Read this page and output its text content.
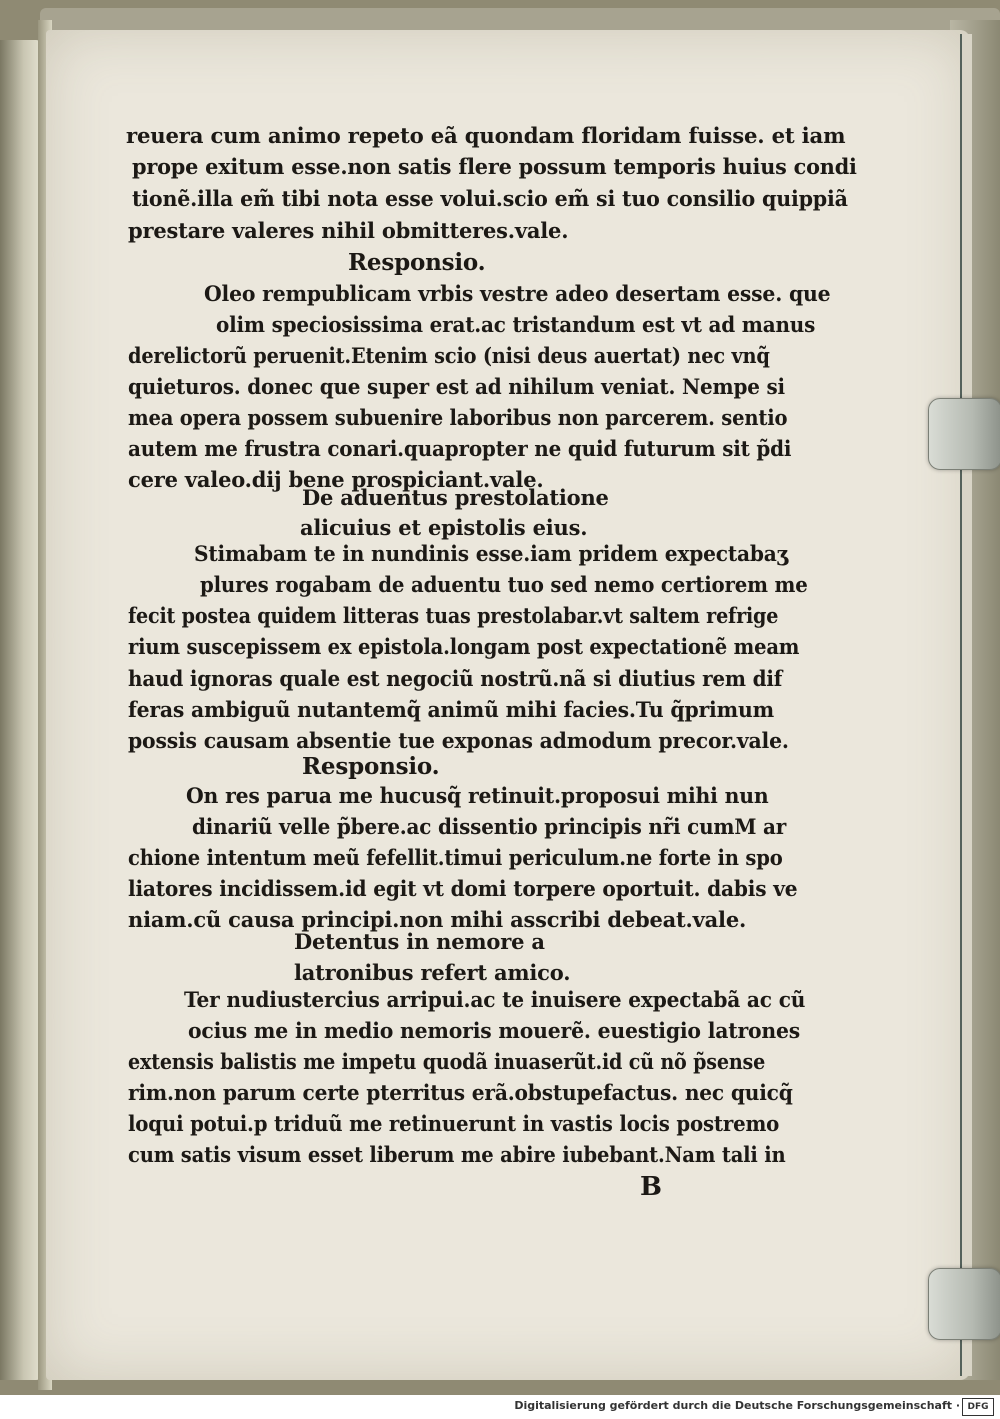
reuera cum animo repeto eã quondam floridam fuisse. et iam
prope exitum esse.non satis flere possum temporis huius condi
tionẽ.illa em̃ tibi nota esse volui.scio em̃ si tuo consilio quippiã
prestare valeres nihil obmitteres.vale.
Responsio.
Oleo rempublicam vrbis vestre adeo desertam esse. que
olim speciosissima erat.ac tristandum est vt ad manus
derelictorũ peruenit.Etenim scio (nisi deus auertat) nec vnq̃
quieturos. donec que super est ad nihilum veniat. Nempe si
mea opera possem subuenire laboribus non parcerem. sentio
autem me frustra conari.quapropter ne quid futurum sit p̃di
cere valeo.dij bene prospiciant.vale.
De aduentus prestolatione
alicuius et epistolis eius.
Stimabam te in nundinis esse.iam pridem expectabaʒ
plures rogabam de aduentu tuo sed nemo certiorem me
fecit postea quidem litteras tuas prestolabar.vt saltem refrige
rium suscepissem ex epistola.longam post expectationẽ meam
haud ignoras quale est negociũ nostrũ.nã si diutius rem dif
feras ambiguũ nutantemq̃ animũ mihi facies.Tu q̃primum
possis causam absentie tue exponas admodum precor.vale.
Responsio.
On res parua me hucusq̃ retinuit.proposui mihi nun
dinariũ velle p̃bere.ac dissentio principis nr̃i cumM ar
chione intentum meũ fefellit.timui periculum.ne forte in spo
liatores incidissem.id egit vt domi torpere oportuit. dabis ve
niam.cũ causa principi.non mihi asscribi debeat.vale.
Detentus in nemore a
latronibus refert amico.
Ter nudiustercius arripui.ac te inuisere expectabã ac cũ
ocius me in medio nemoris mouerẽ. euestigio latrones
extensis balistis me impetu quodã inuaserũt.id cũ nõ p̃sense
rim.non parum certe pterritus erã.obstupefactus. nec quicq̃
loqui potui.p triduũ me retinuerunt in vastis locis postremo
cum satis visum esset liberum me abire iubebant.Nam tali in
B
Digitalisierung gefördert durch die Deutsche Forschungsgemeinschaft · DFG
